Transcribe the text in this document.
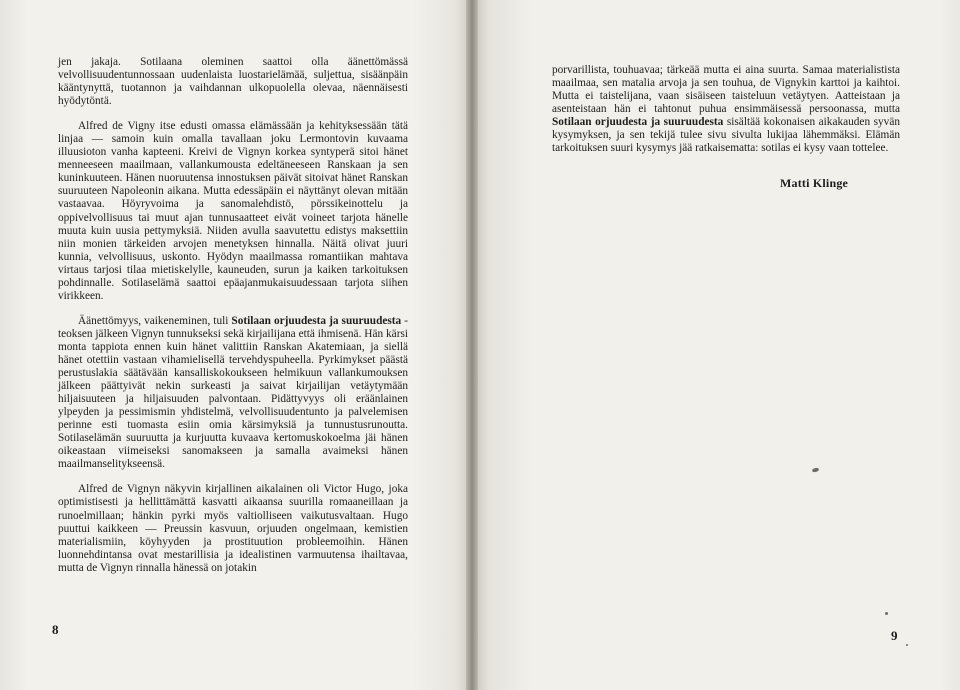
jen jakaja. Sotilaana oleminen saattoi olla äänettömässä velvollisuudentunnossaan uudenlaista luostarielämää, suljettua, sisäänpäin kääntynyttä, tuotannon ja vaihdannan ulkopuolella olevaa, näennäisesti hyödytöntä.

Alfred de Vigny itse edusti omassa elämässään ja kehityksessään tätä linjaa — samoin kuin omalla tavallaan joku Lermontovin kuvaama illuusioton vanha kapteeni. Kreivi de Vignyn korkea syntyperä sitoi hänet menneeseen maailmaan, vallankumousta edeltäneeseen Ranskaan ja sen kuninkuuteen. Hänen nuoruutensa innostuksen päivät sitoivat hänet Ranskan suuruuteen Napoleonin aikana. Mutta edessäpäin ei näyttänyt olevan mitään vastaavaa. Höyryvoima ja sanomalehdistö, pörssikeinottelu ja oppivelvollisuus tai muut ajan tunnusaatteet eivät voineet tarjota hänelle muuta kuin uusia pettymyksiä. Niiden avulla saavutettu edistys maksettiin niin monien tärkeiden arvojen menetyksen hinnalla. Näitä olivat juuri kunnia, velvollisuus, uskonto. Hyödyn maailmassa romantiikan mahtava virtaus tarjosi tilaa mietiskelylle, kauneuden, surun ja kaiken tarkoituksen pohdinnalle. Sotilaselämä saattoi epäajanmukaisuudessaan tarjota siihen virikkeen.

Äänettömyys, vaikeneminen, tuli Sotilaan orjuudesta ja suuruudesta -teoksen jälkeen Vignyn tunnukseksi sekä kirjailijana että ihmisenä. Hän kärsi monta tappiota ennen kuin hänet valittiin Ranskan Akatemiaan, ja siellä hänet otettiin vastaan vihamielisellä tervehdyspuheella. Pyrkimykset päästä perustuslakia säätävään kansalliskokoukseen helmikuun vallankumouksen jälkeen päättyivät nekin surkeasti ja saivat kirjailijan vetäytymään hiljaisuuteen ja hiljaisuuden palvontaan. Pidättyvyys oli eräänlainen ylpeyden ja pessimismin yhdistelmä, velvollisuudentunto ja palvelemisen perinne esti tuomasta esiin omia kärsimyksiä ja tunnustusrunoutta. Sotilaselämän suuruutta ja kurjuutta kuvaava kertomuskokoelma jäi hänen oikeastaan viimeiseksi sanomakseen ja samalla avaimeksi hänen maailmanselitykseensä.

Alfred de Vignyn näkyvin kirjallinen aikalainen oli Victor Hugo, joka optimistisesti ja hellittämättä kasvatti aikaansa suurilla romaaneillaan ja runoelmillaan; hänkin pyrki myös valtiolliseen vaikutusvaltaan. Hugo puuttui kaikkeen — Preussin kasvuun, orjuuden ongelmaan, kemistien materialismiin, köyhyyden ja prostituution probleemoihin. Hänen luonnehdintansa ovat mestarillisia ja idealistinen varmuutensa ihailtavaa, mutta de Vignyn rinnalla hänessä on jotakin

porvarillista, touhuavaa; tärkeää mutta ei aina suurta. Samaa materialistista maailmaa, sen matalia arvoja ja sen touhua, de Vignykin karttoi ja kaihtoi. Mutta ei taistelijana, vaan sisäiseen taisteluun vetäytyen. Aatteistaan ja asenteistaan hän ei tahtonut puhua ensimmäisessä persoonassa, mutta Sotilaan orjuudesta ja suuruudesta sisältää kokonaisen aikakauden syvän kysymyksen, ja sen tekijä tulee sivu sivulta lukijaa lähemmäksi. Elämän tarkoituksen suuri kysymys jää ratkaisematta: sotilas ei kysy vaan tottelee.

Matti Klinge
8	9
